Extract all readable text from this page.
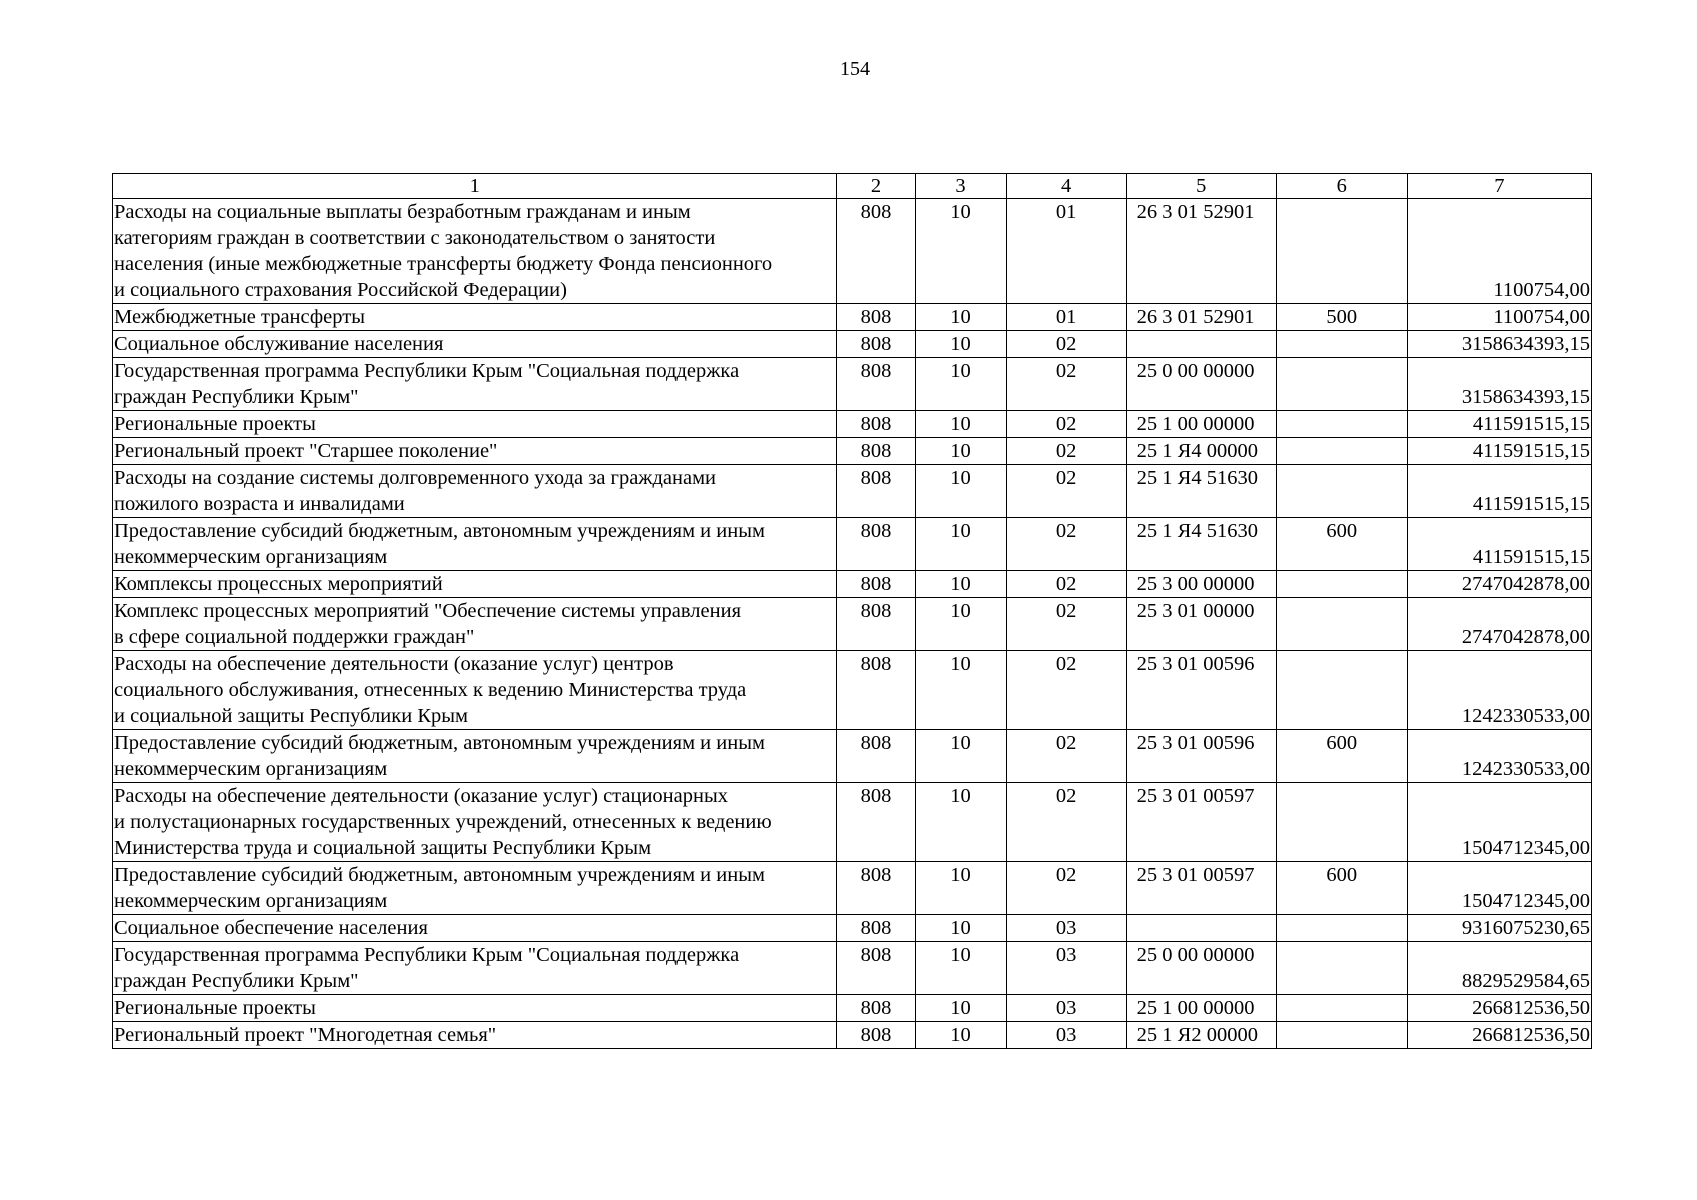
154
1	2	3	4	5	6	7

Расходы на социальные выплаты безработным гражданам и иным
категориям граждан в соответствии с законодательством о занятости
населения (иные межбюджетные трансферты бюджету Фонда пенсионного
и социального страхования Российской Федерации)	808	10	01	26 3 01 52901		1100754,00

Межбюджетные трансферты	808	10	01	26 3 01 52901	500	1100754,00

Социальное обслуживание населения	808	10	02			3158634393,15

Государственная программа Республики Крым "Социальная поддержка
граждан Республики Крым"	808	10	02	25 0 00 00000		3158634393,15

Региональные проекты	808	10	02	25 1 00 00000		411591515,15

Региональный проект "Старшее поколение"	808	10	02	25 1 Я4 00000		411591515,15

Расходы на создание системы долговременного ухода за гражданами
пожилого возраста и инвалидами	808	10	02	25 1 Я4 51630		411591515,15

Предоставление субсидий бюджетным, автономным учреждениям и иным
некоммерческим организациям	808	10	02	25 1 Я4 51630	600	411591515,15

Комплексы процессных мероприятий	808	10	02	25 3 00 00000		2747042878,00

Комплекс процессных мероприятий "Обеспечение системы управления
в сфере социальной поддержки граждан"	808	10	02	25 3 01 00000		2747042878,00

Расходы на обеспечение деятельности (оказание услуг) центров
социального обслуживания, отнесенных к ведению Министерства труда
и социальной защиты Республики Крым	808	10	02	25 3 01 00596		1242330533,00

Предоставление субсидий бюджетным, автономным учреждениям и иным
некоммерческим организациям	808	10	02	25 3 01 00596	600	1242330533,00

Расходы на обеспечение деятельности (оказание услуг) стационарных
и полустационарных государственных учреждений, отнесенных к ведению
Министерства труда и социальной защиты Республики Крым	808	10	02	25 3 01 00597		1504712345,00

Предоставление субсидий бюджетным, автономным учреждениям и иным
некоммерческим организациям	808	10	02	25 3 01 00597	600	1504712345,00

Социальное обеспечение населения	808	10	03			9316075230,65

Государственная программа Республики Крым "Социальная поддержка
граждан Республики Крым"	808	10	03	25 0 00 00000		8829529584,65

Региональные проекты	808	10	03	25 1 00 00000		266812536,50

Региональный проект "Многодетная семья"	808	10	03	25 1 Я2 00000		266812536,50
